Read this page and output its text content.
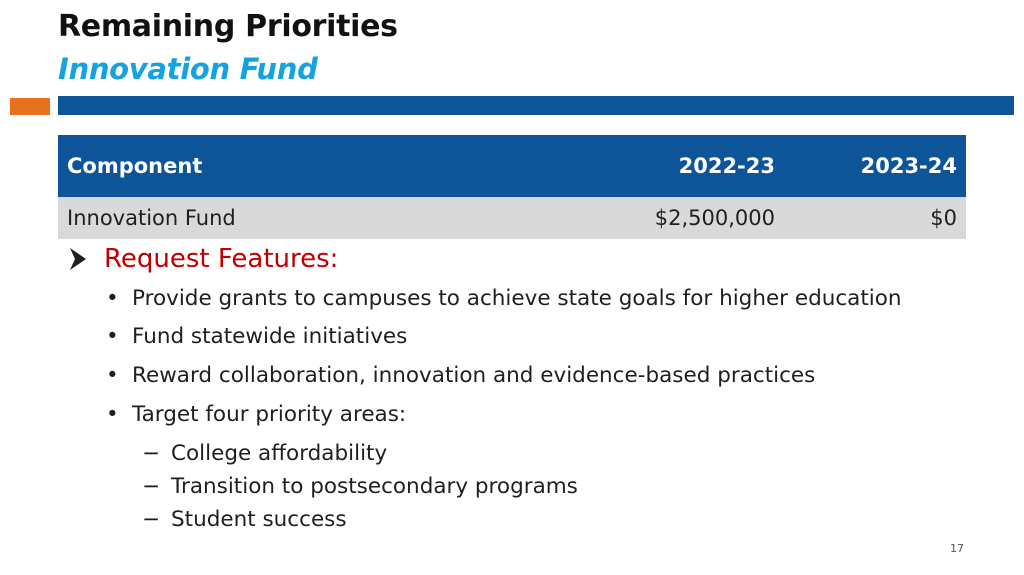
Remaining Priorities
Innovation Fund
Component	2022-23	2023-24
Innovation Fund	$2,500,000	$0
Request Features:
• Provide grants to campuses to achieve state goals for higher education
• Fund statewide initiatives
• Reward collaboration, innovation and evidence-based practices
• Target four priority areas:
− College affordability
− Transition to postsecondary programs
− Student success
17
